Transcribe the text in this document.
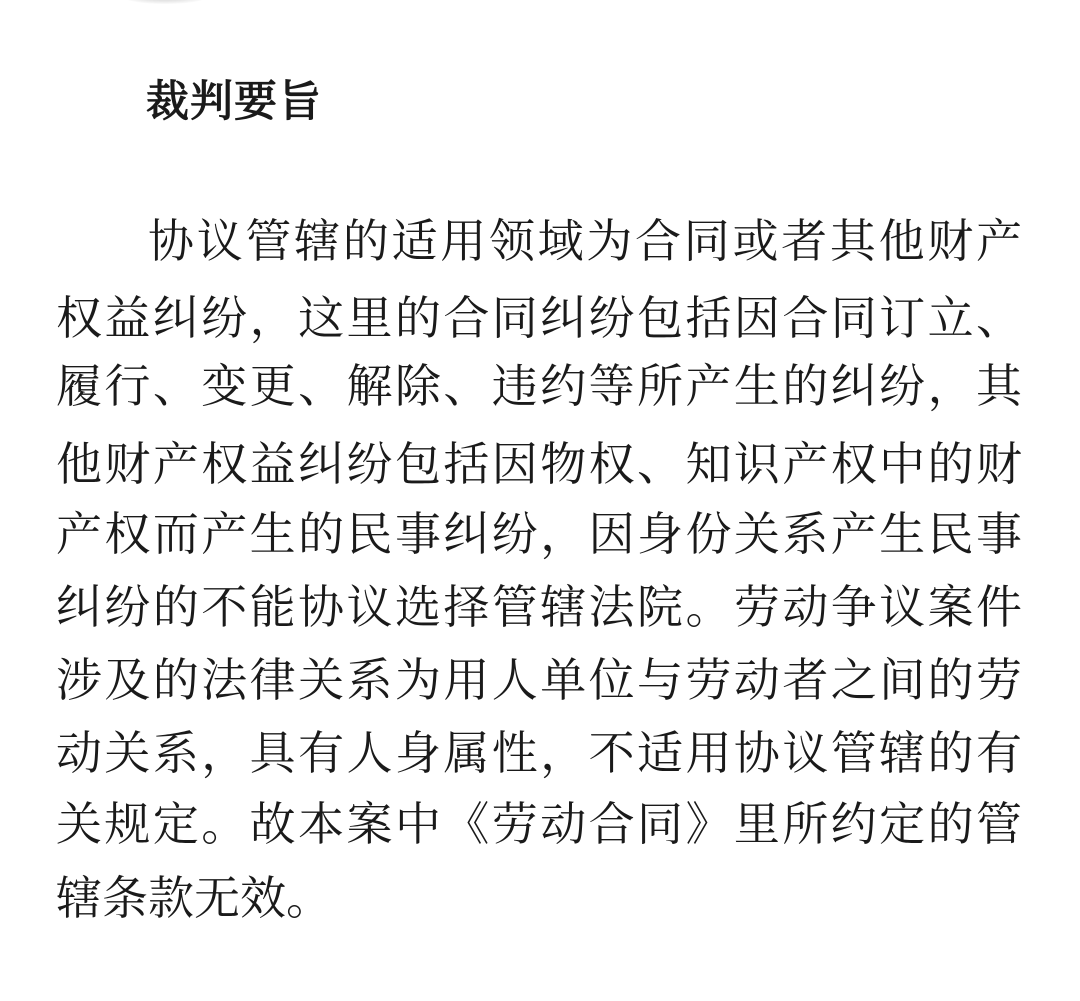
裁判要旨
协议管辖的适用领域为合同或者其他财产
权益纠纷，这里的合同纠纷包括因合同订立、
履行、变更、解除、违约等所产生的纠纷，其
他财产权益纠纷包括因物权、知识产权中的财
产权而产生的民事纠纷，因身份关系产生民事
纠纷的不能协议选择管辖法院。劳动争议案件
涉及的法律关系为用人单位与劳动者之间的劳
动关系，具有人身属性，不适用协议管辖的有
关规定。故本案中《劳动合同》里所约定的管
辖条款无效。
